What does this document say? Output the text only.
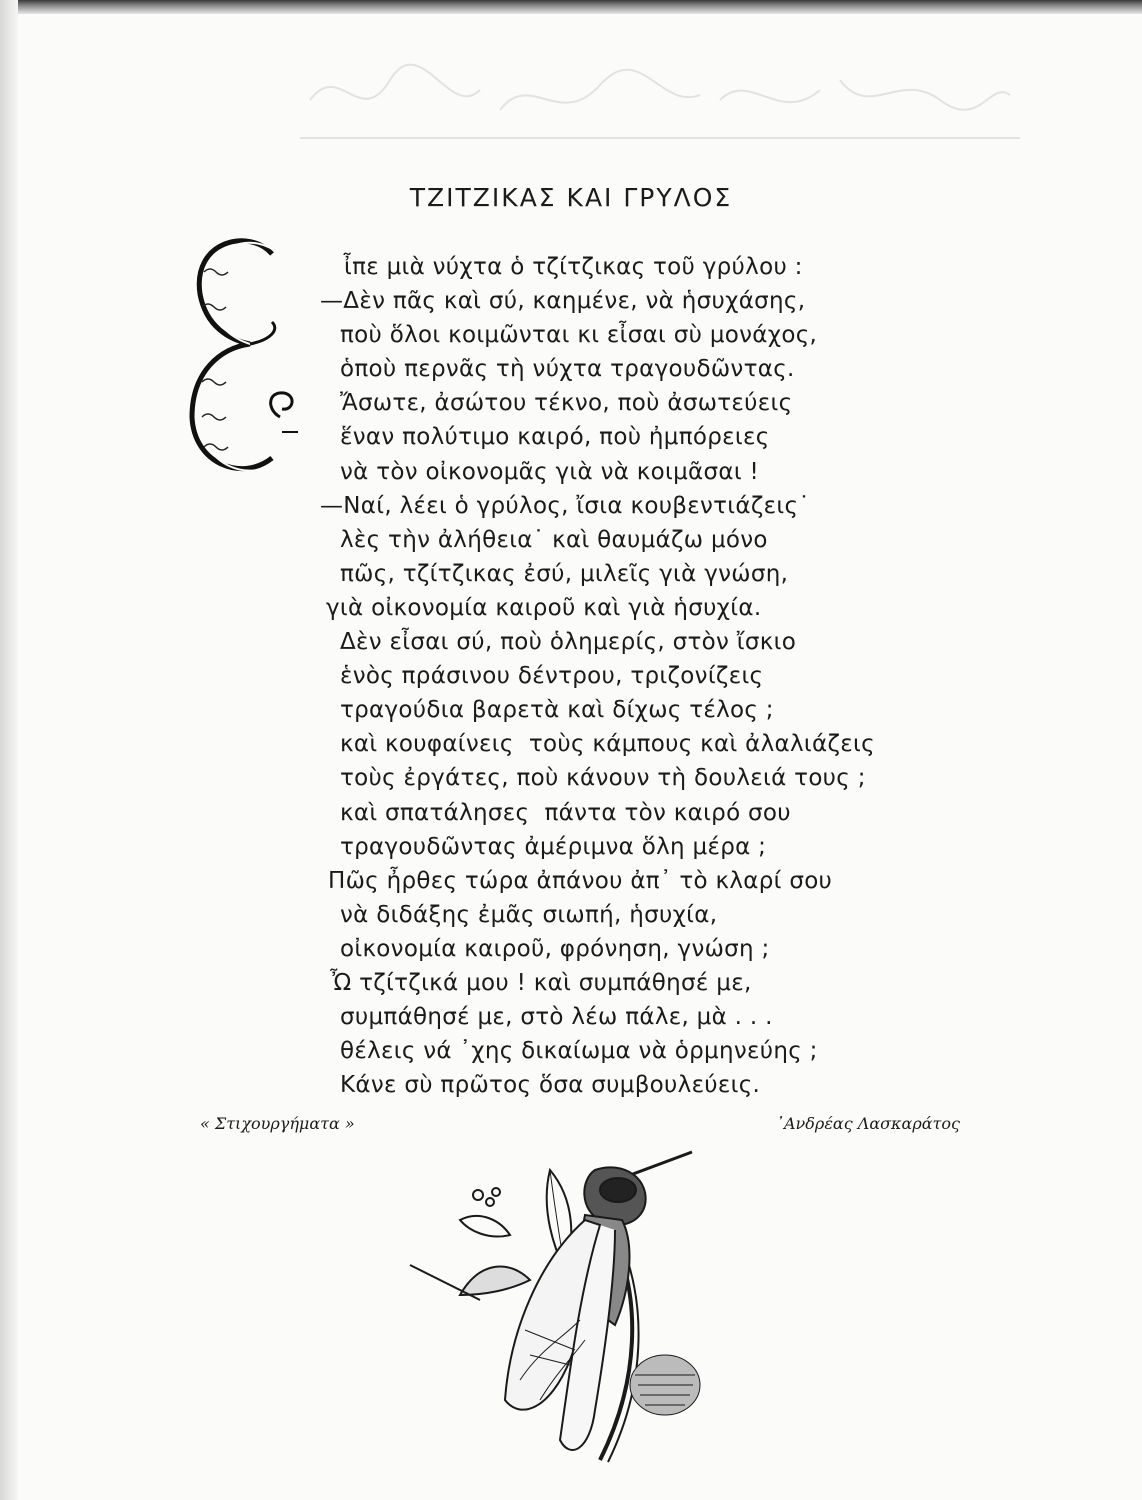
ΤΖΙΤΖΙΚΑΣ ΚΑΙ ΓΡΥΛΟΣ
ἶπε μιὰ νύχτα ὁ τζίτζικας τοῦ γρύλου :
—Δὲν πᾶς καὶ σύ, καημένε, νὰ ἡσυχάσης,
ποὺ ὅλοι κοιμῶνται κι εἶσαι σὺ μονάχος,
ὁποὺ περνᾶς τὴ νύχτα τραγουδῶντας.
Ἄσωτε, ἀσώτου τέκνο, ποὺ ἀσωτεύεις
ἕναν πολύτιμο καιρό, ποὺ ἠμπόρειες
νὰ τὸν οἰκονομᾶς γιὰ νὰ κοιμᾶσαι !
—Ναί, λέει ὁ γρύλος, ἴσια κουβεντιάζεις˙
λὲς τὴν ἀλήθεια˙ καὶ θαυμάζω μόνο
πῶς, τζίτζικας ἐσύ, μιλεῖς γιὰ γνώση,
γιὰ οἰκονομία καιροῦ καὶ γιὰ ἡσυχία.
Δὲν εἶσαι σύ, ποὺ ὁλημερίς, στὸν ἴσκιο
ἑνὸς πράσινου δέντρου, τριζονίζεις
τραγούδια βαρετὰ καὶ δίχως τέλος ;
καὶ κουφαίνεις  τοὺς κάμπους καὶ ἀλαλιάζεις
τοὺς ἐργάτες, ποὺ κάνουν τὴ δουλειά τους ;
καὶ σπατάλησες  πάντα τὸν καιρό σου
τραγουδῶντας ἀμέριμνα ὅλη μέρα ;
Πῶς ἦρθες τώρα ἀπάνου ἀπ᾽ τὸ κλαρί σου
νὰ διδάξης ἐμᾶς σιωπή, ἡσυχία,
οἰκονομία καιροῦ, φρόνηση, γνώση ;
Ὦ τζίτζικά μου ! καὶ συμπάθησέ με,
συμπάθησέ με, στὸ λέω πάλε, μὰ . . .
θέλεις νά ᾽χης δικαίωμα νὰ ὁρμηνεύης ;
Κάνε σὺ πρῶτος ὅσα συμβουλεύεις.
« Στιχουργήματα »	᾽Ανδρέας Λασκαράτος
